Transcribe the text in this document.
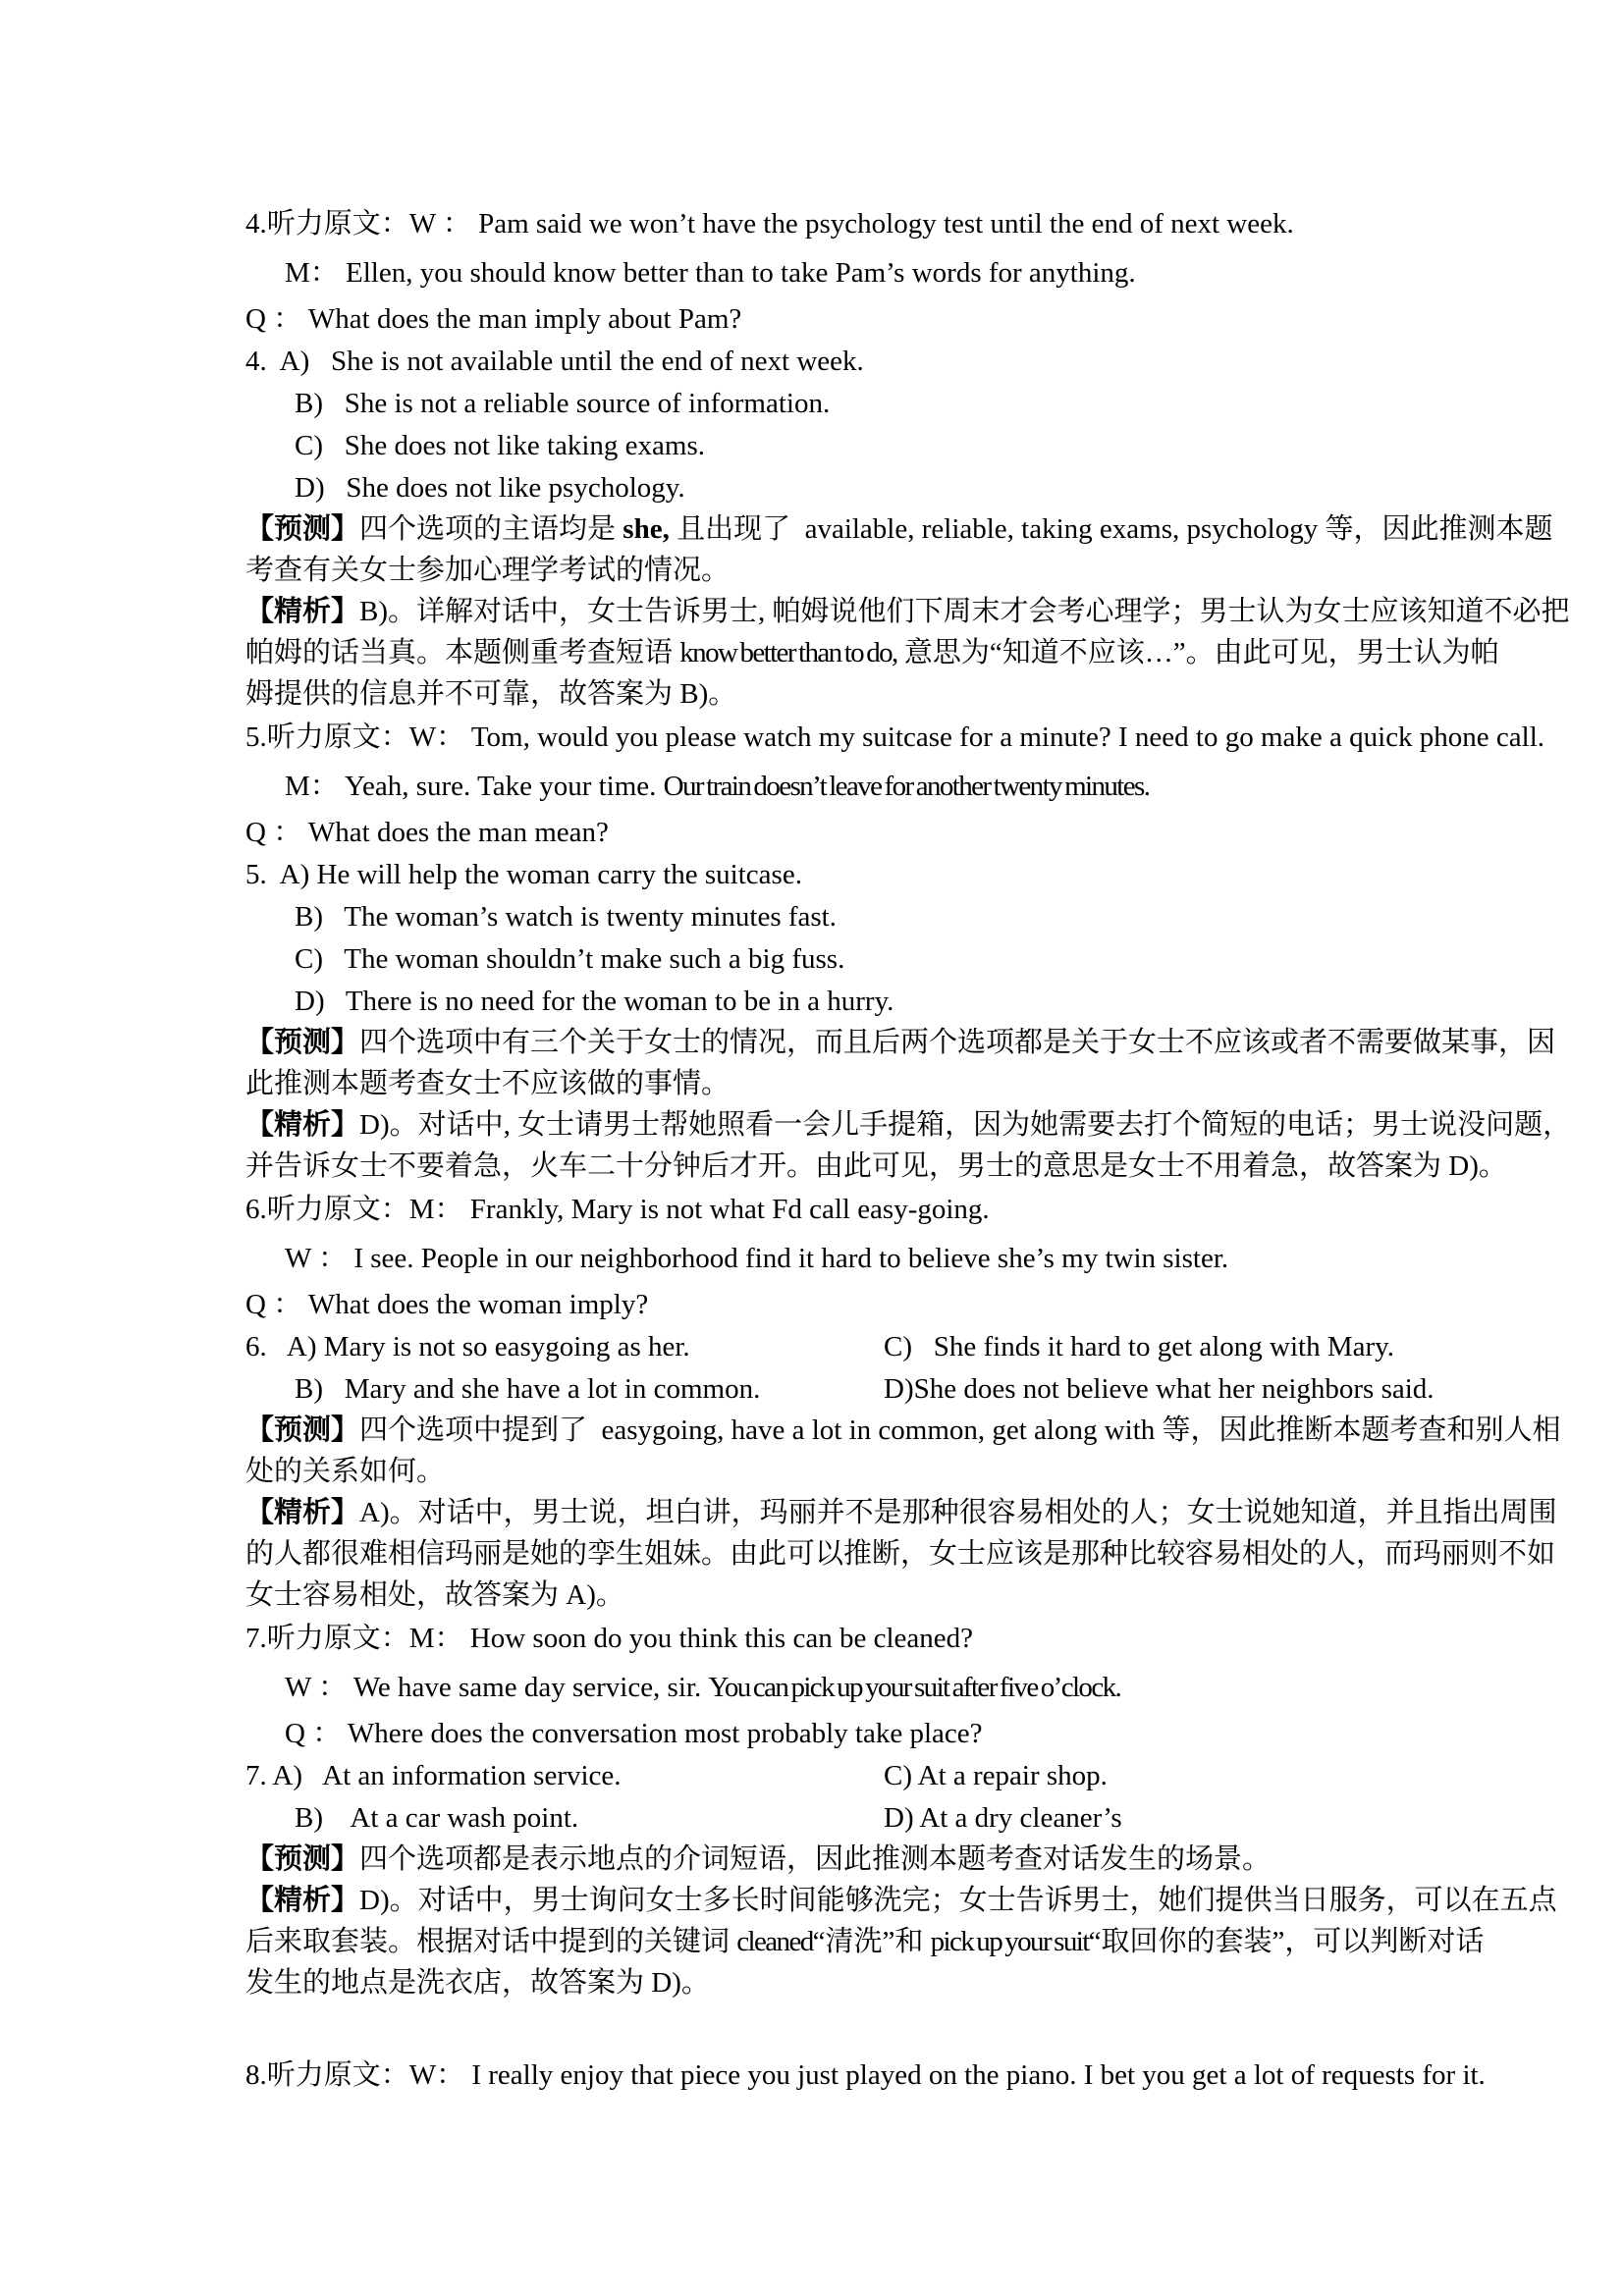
4.听力原文：W ： Pam said we won’t have the psychology test until the end of next week.
M： Ellen, you should know better than to take Pam’s words for anything.
Q ： What does the man imply about Pam?
4.  A)   She is not available until the end of next week.
B)   She is not a reliable source of information.
C)   She does not like taking exams.
D)   She does not like psychology.
【预测】四个选项的主语均是 she, 且出现了  available, reliable, taking exams, psychology 等，因此推测本题
考查有关女士参加心理学考试的情况。
【精析】B)。详解对话中，女士告诉男士, 帕姆说他们下周末才会考心理学；男士认为女士应该知道不必把
帕姆的话当真。本题侧重考查短语 know better than to do, 意思为“知道不应该…”。由此可见，男士认为帕
姆提供的信息并不可靠，故答案为 B)。
5.听力原文：W： Tom, would you please watch my suitcase for a minute? I need to go make a quick phone call.
M： Yeah, sure. Take your time. Our train doesn’t leave for another twenty minutes.
Q ： What does the man mean?
5.  A) He will help the woman carry the suitcase.
B)   The woman’s watch is twenty minutes fast.
C)   The woman shouldn’t make such a big fuss.
D)   There is no need for the woman to be in a hurry.
【预测】四个选项中有三个关于女士的情况，而且后两个选项都是关于女士不应该或者不需要做某事，因
此推测本题考查女士不应该做的事情。
【精析】D)。对话中, 女士请男士帮她照看一会儿手提箱，因为她需要去打个简短的电话；男士说没问题，
并告诉女士不要着急，火车二十分钟后才开。由此可见，男士的意思是女士不用着急，故答案为 D)。
6.听力原文：M： Frankly, Mary is not what Fd call easy-going.
W ： I see. People in our neighborhood find it hard to believe she’s my twin sister.
Q ： What does the woman imply?
6.   A) Mary is not so easygoing as her.	C)   She finds it hard to get along with Mary.
B)   Mary and she have a lot in common.	D)She does not believe what her neighbors said.
【预测】四个选项中提到了  easygoing, have a lot in common, get along with 等，因此推断本题考查和别人相
处的关系如何。
【精析】A)。对话中，男士说，坦白讲，玛丽并不是那种很容易相处的人；女士说她知道，并且指出周围
的人都很难相信玛丽是她的孪生姐妹。由此可以推断，女士应该是那种比较容易相处的人，而玛丽则不如
女士容易相处，故答案为 A)。
7.听力原文：M： How soon do you think this can be cleaned?
W ： We have same day service, sir. You can pick up your suit after five o’clock.
Q ： Where does the conversation most probably take place?
7. A)   At an information service.	C) At a repair shop.
B)    At a car wash point.	D) At a dry cleaner’s
【预测】四个选项都是表示地点的介词短语，因此推测本题考查对话发生的场景。
【精析】D)。对话中，男士询问女士多长时间能够洗完；女士告诉男士，她们提供当日服务，可以在五点
后来取套装。根据对话中提到的关键词 cleaned“清洗”和 pick up your suit“取回你的套装”，可以判断对话
发生的地点是洗衣店，故答案为 D)。
8.听力原文：W： I really enjoy that piece you just played on the piano. I bet you get a lot of requests for it.
